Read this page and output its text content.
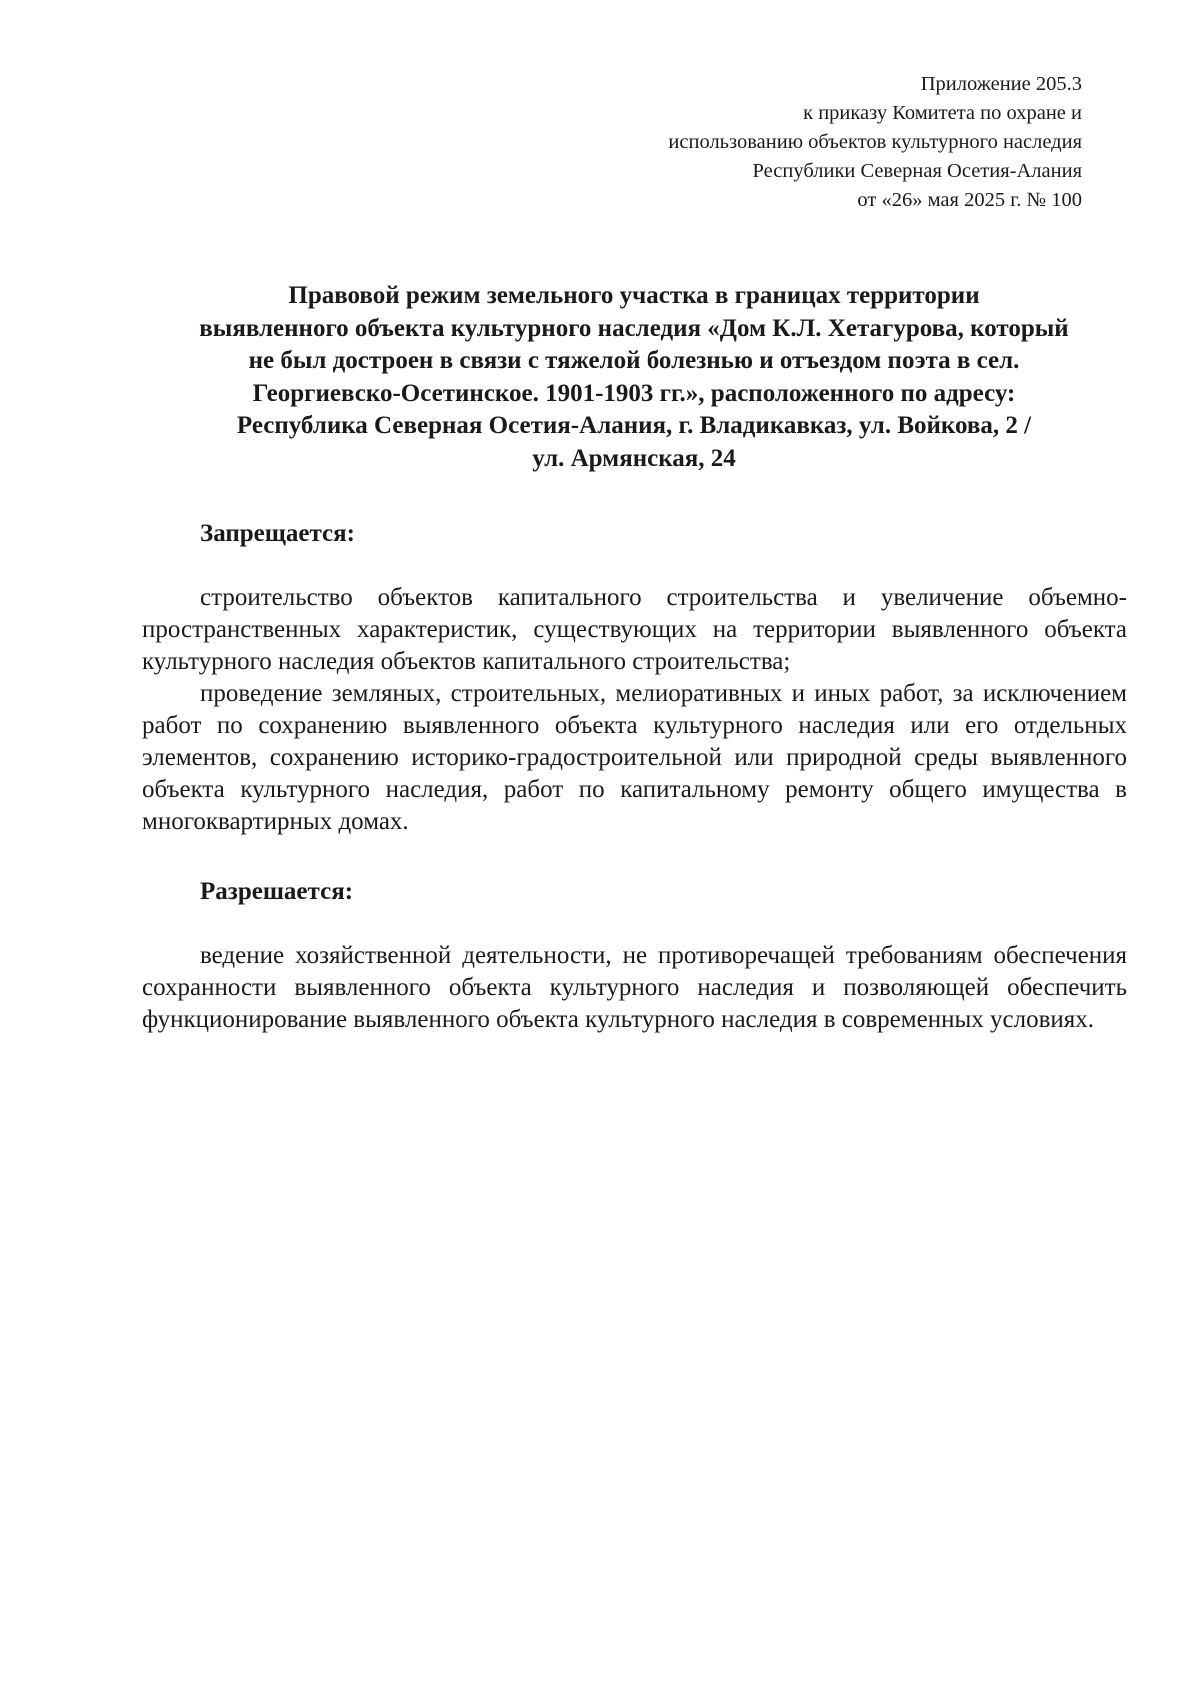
Приложение 205.3
к приказу Комитета по охране и
использованию объектов культурного наследия
Республики Северная Осетия-Алания
от «26» мая 2025 г. № 100
Правовой режим земельного участка в границах территории
выявленного объекта культурного наследия «Дом К.Л. Хетагурова, который
не был достроен в связи с тяжелой болезнью и отъездом поэта в сел.
Георгиевско-Осетинское. 1901-1903 гг.», расположенного по адресу:
Республика Северная Осетия-Алания, г. Владикавказ, ул. Войкова, 2 /
ул. Армянская, 24
Запрещается:

строительство объектов капитального строительства и увеличение объемно-пространственных характеристик, существующих на территории выявленного объекта культурного наследия объектов капитального строительства;

проведение земляных, строительных, мелиоративных и иных работ, за исключением работ по сохранению выявленного объекта культурного наследия или его отдельных элементов, сохранению историко-градостроительной или природной среды выявленного объекта культурного наследия, работ по капитальному ремонту общего имущества в многоквартирных домах.

Разрешается:

ведение хозяйственной деятельности, не противоречащей требованиям обеспечения сохранности выявленного объекта культурного наследия и позволяющей обеспечить функционирование выявленного объекта культурного наследия в современных условиях.
